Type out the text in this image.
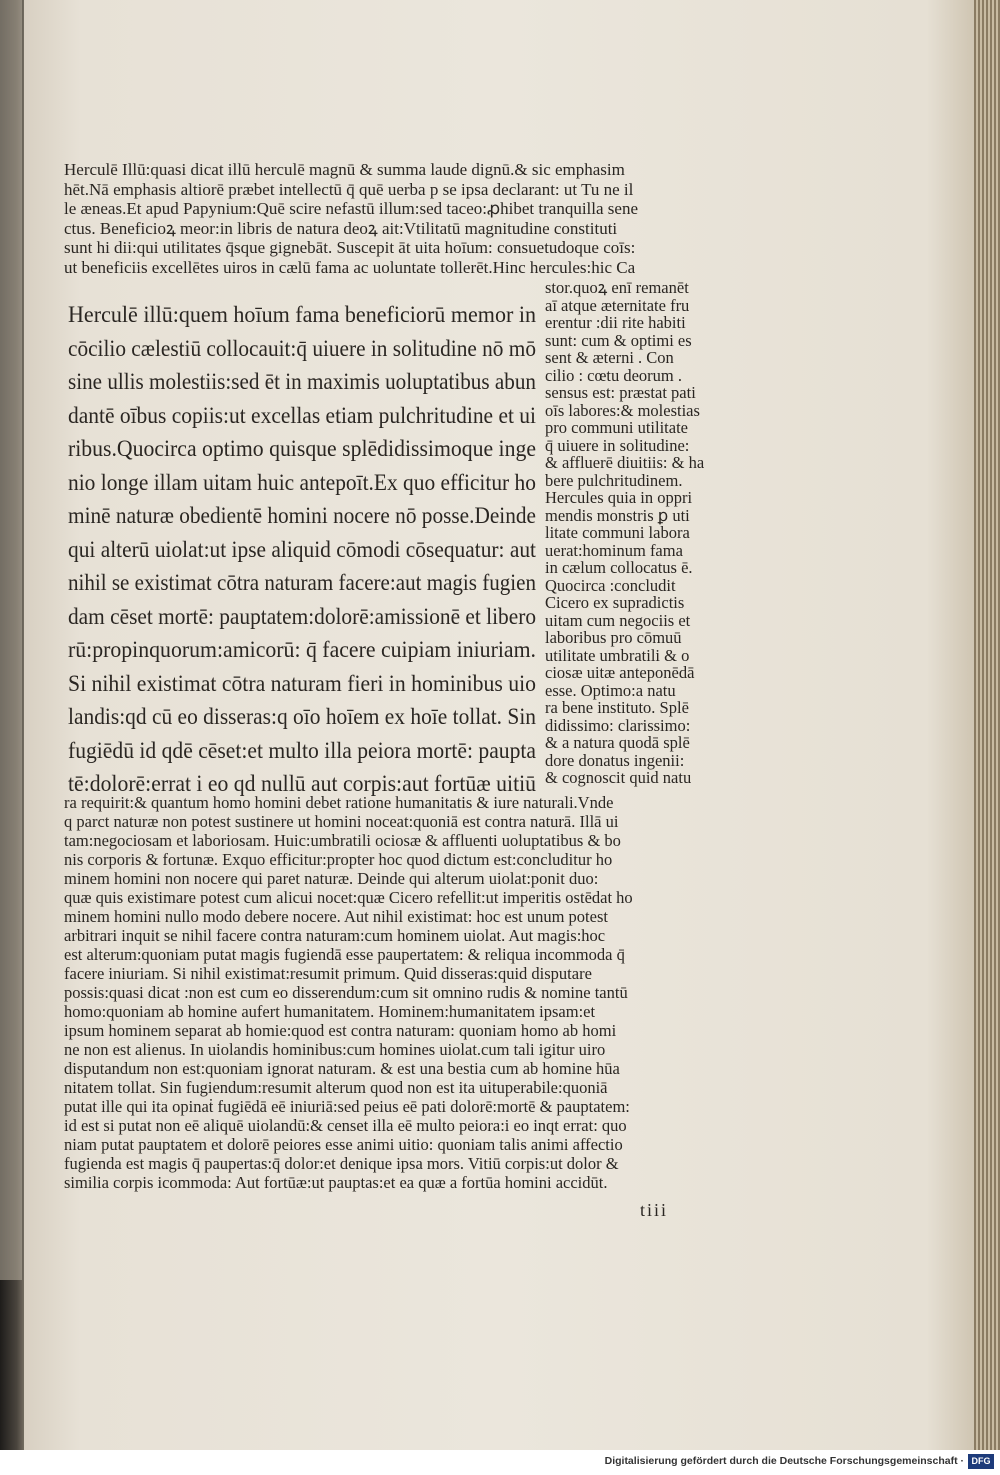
Herculē Illū:quasi dicat illū herculē magnū & summa laude dignū.& sic emphasim
hēt.Nā emphasis altiorē præbet intellectū q̄ quē uerba p se ipsa declarant: ut Tu ne il
le æneas.Et apud Papynium:Quē scire nefastū illum:sed taceo:ꝓhibet tranquilla sene
ctus. Beneficioꝝ meor:in libris de natura deoꝝ ait:Vtilitatū magnitudine constituti
sunt hi dii:qui utilitates q̄sque gignebāt. Suscepit āt uita hoīum: consuetudoque coīs:
ut beneficiis excellētes uiros in cælū fama ac uoluntate tollerēt.Hinc hercules:hic Ca
Herculē illū:quem hoīum fama beneficiorū memor in
cōcilio cælestiū collocauit:q̄ uiuere in solitudine nō mō
sine ullis molestiis:sed ēt in maximis uoluptatibus abun
dantē oībus copiis:ut excellas etiam pulchritudine et ui
ribus.Quocirca optimo quisque splēdidissimoque inge
nio longe illam uitam huic antepoīt.Ex quo efficitur ho
minē naturæ obedientē homini nocere nō posse.Deinde
qui alterū uiolat:ut ipse aliquid cōmodi cōsequatur: aut
nihil se existimat cōtra naturam facere:aut magis fugien
dam cēset mortē: pauptatem:dolorē:amissionē et libero
rū:propinquorum:amicorū: q̄ facere cuipiam iniuriam.
Si nihil existimat cōtra naturam fieri in hominibus uio
landis:qd cū eo disseras:q oīo hoīem ex hoīe tollat. Sin
fugiēdū id qdē cēset:et multo illa peiora mortē: paupta
tē:dolorē:errat i eo qd nullū aut corpis:aut fortūæ uitiū
stor.quoꝝ enī remanēt
aī atque æternitate fru
erentur :dii rite habiti
sunt: cum & optimi es
sent & æterni . Con
cilio : cœtu deorum .
sensus est: præstat pati
oīs labores:& molestias
pro communi utilitate
q̄ uiuere in solitudine:
& affluerē diuitiis: & ha
bere pulchritudinem.
Hercules quia in oppri
mendis monstris ꝑ uti
litate communi labora
uerat:hominum fama
in cælum collocatus ē.
Quocirca :concludit
Cicero ex supradictis
uitam cum negociis et
laboribus pro cōmuū
utilitate umbratili & o
ciosæ uitæ anteponēdā
esse. Optimo:a natu
ra bene instituto. Splē
didissimo: clarissimo:
& a natura quodā splē
dore donatus ingenii:
& cognoscit quid natu
ra requirit:& quantum homo homini debet ratione humanitatis & iure naturali.Vnde
q parct naturæ non potest sustinere ut homini noceat:quoniā est contra naturā. Illā ui
tam:negociosam et laboriosam. Huic:umbratili ociosæ & affluenti uoluptatibus & bo
nis corporis & fortunæ. Exquo efficitur:propter hoc quod dictum est:concluditur ho
minem homini non nocere qui paret naturæ. Deinde qui alterum uiolat:ponit duo:
quæ quis existimare potest cum alicui nocet:quæ Cicero refellit:ut imperitis ostēdat ho
minem homini nullo modo debere nocere. Aut nihil existimat: hoc est unum potest
arbitrari inquit se nihil facere contra naturam:cum hominem uiolat. Aut magis:hoc
est alterum:quoniam putat magis fugiendā esse paupertatem: & reliqua incommoda q̄
facere iniuriam. Si nihil existimat:resumit primum. Quid disseras:quid disputare
possis:quasi dicat :non est cum eo disserendum:cum sit omnino rudis & nomine tantū
homo:quoniam ab homine aufert humanitatem. Hominem:humanitatem ipsam:et
ipsum hominem separat ab homie:quod est contra naturam: quoniam homo ab homi
ne non est alienus. In uiolandis hominibus:cum homines uiolat.cum tali igitur uiro
disputandum non est:quoniam ignorat naturam. & est una bestia cum ab homine hūa
nitatem tollat. Sin fugiendum:resumit alterum quod non est ita uituperabile:quoniā
putat ille qui ita opinaṫ fugiēdā eē iniuriā:sed peius eē pati dolorē:mortē & pauptatem:
id est si putat non eē aliquē uiolandū:& censet illa eē multo peiora:i eo inqt errat: quo
niam putat pauptatem et dolorē peiores esse animi uitio: quoniam talis animi affectio
fugienda est magis q̄ paupertas:q̄ dolor:et denique ipsa mors. Vitiū corpis:ut dolor &
similia corpis icommoda: Aut fortūæ:ut pauptas:et ea quæ a fortūa homini accidūt.
tiii
Digitalisierung gefördert durch die Deutsche Forschungsgemeinschaft · DFG
